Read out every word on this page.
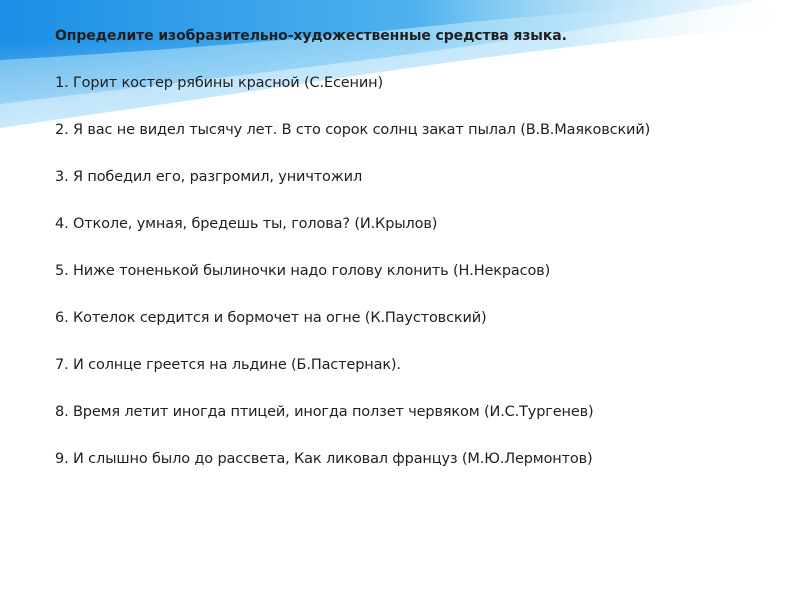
Определите изобразительно-художественные средства языка.
1. Горит костер рябины красной (С.Есенин)
2. Я вас не видел тысячу лет. В сто сорок солнц закат пылал (В.В.Маяковский)
3. Я победил его, разгромил, уничтожил
4. Отколе, умная, бредешь ты, голова? (И.Крылов)
5. Ниже тоненькой былиночки надо голову клонить (Н.Некрасов)
6. Котелок сердится и бормочет на огне (К.Паустовский)
7. И солнце греется на льдине (Б.Пастернак).
8. Время летит иногда птицей, иногда ползет червяком (И.С.Тургенев)
9. И слышно было до рассвета, Как ликовал француз (М.Ю.Лермонтов)
